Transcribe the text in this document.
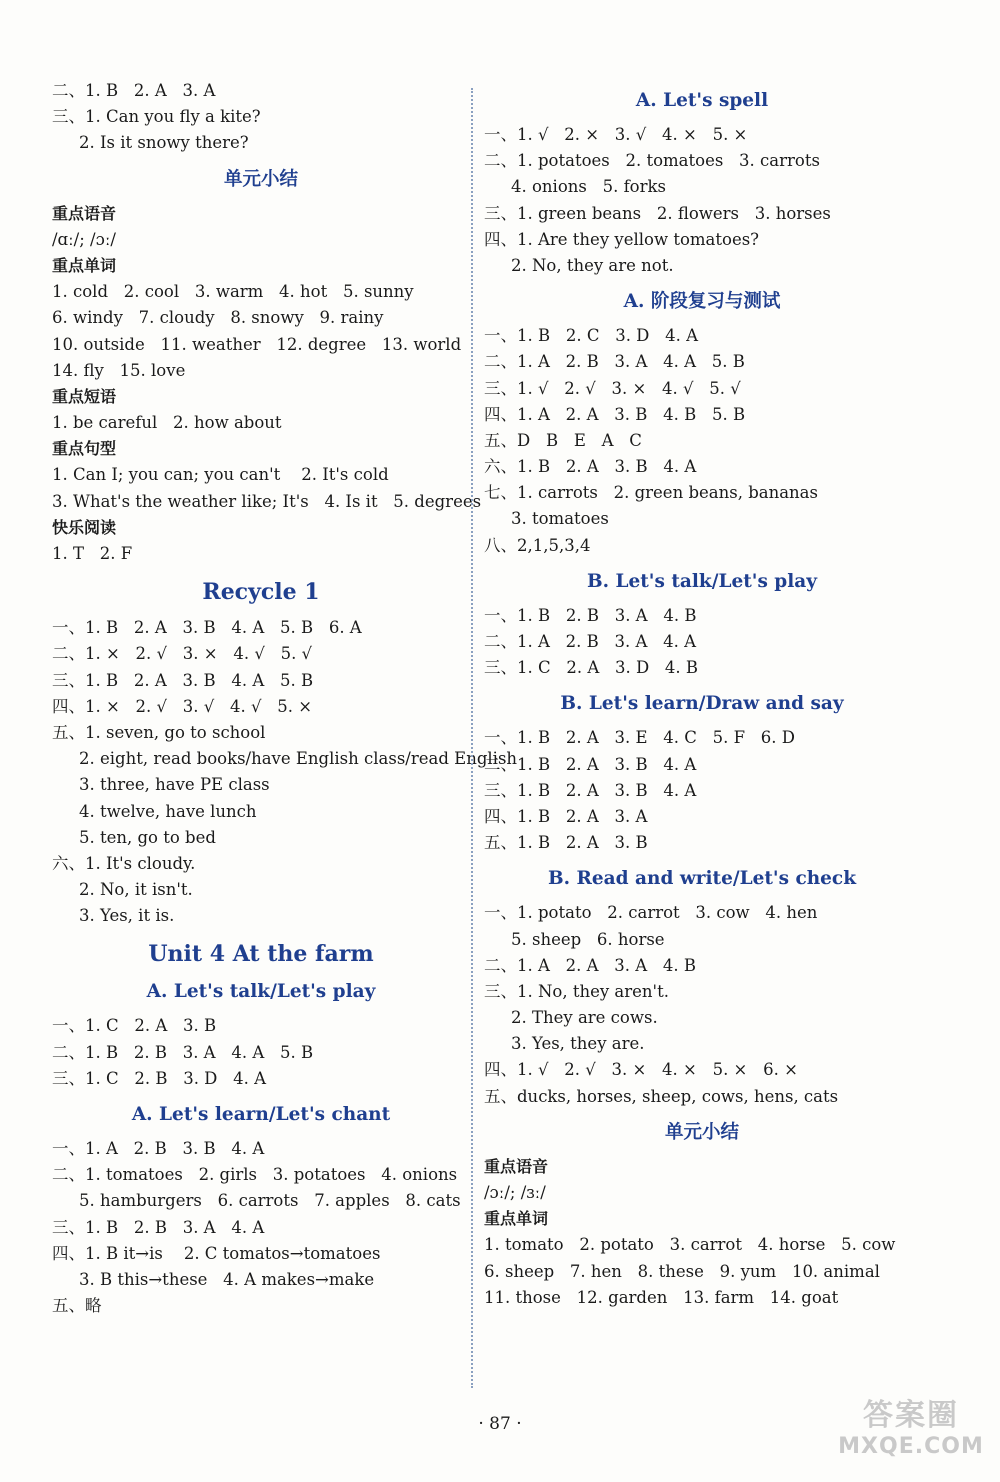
二、1. B   2. A   3. A
三、1. Can you fly a kite?
2. Is it snowy there?
单元小结
重点语音
/ɑː/; /ɔː/
重点单词
1. cold   2. cool   3. warm   4. hot   5. sunny
6. windy   7. cloudy   8. snowy   9. rainy
10. outside   11. weather   12. degree   13. world
14. fly   15. love
重点短语
1. be careful   2. how about
重点句型
1. Can I; you can; you can't    2. It's cold
3. What's the weather like; It's   4. Is it   5. degrees
快乐阅读
1. T   2. F
Recycle 1
一、1. B   2. A   3. B   4. A   5. B   6. A
二、1. ×   2. √   3. ×   4. √   5. √
三、1. B   2. A   3. B   4. A   5. B
四、1. ×   2. √   3. √   4. √   5. ×
五、1. seven, go to school
2. eight, read books/have English class/read English
3. three, have PE class
4. twelve, have lunch
5. ten, go to bed
六、1. It's cloudy.
2. No, it isn't.
3. Yes, it is.
Unit 4 At the farm
A. Let's talk/Let's play
一、1. C   2. A   3. B
二、1. B   2. B   3. A   4. A   5. B
三、1. C   2. B   3. D   4. A
A. Let's learn/Let's chant
一、1. A   2. B   3. B   4. A
二、1. tomatoes   2. girls   3. potatoes   4. onions
5. hamburgers   6. carrots   7. apples   8. cats
三、1. B   2. B   3. A   4. A
四、1. B it→is    2. C tomatos→tomatoes
3. B this→these   4. A makes→make
五、略
A. Let's spell
一、1. √   2. ×   3. √   4. ×   5. ×
二、1. potatoes   2. tomatoes   3. carrots
4. onions   5. forks
三、1. green beans   2. flowers   3. horses
四、1. Are they yellow tomatoes?
2. No, they are not.
A. 阶段复习与测试
一、1. B   2. C   3. D   4. A
二、1. A   2. B   3. A   4. A   5. B
三、1. √   2. √   3. ×   4. √   5. √
四、1. A   2. A   3. B   4. B   5. B
五、D   B   E   A   C
六、1. B   2. A   3. B   4. A
七、1. carrots   2. green beans, bananas
3. tomatoes
八、2,1,5,3,4
B. Let's talk/Let's play
一、1. B   2. B   3. A   4. B
二、1. A   2. B   3. A   4. A
三、1. C   2. A   3. D   4. B
B. Let's learn/Draw and say
一、1. B   2. A   3. E   4. C   5. F   6. D
二、1. B   2. A   3. B   4. A
三、1. B   2. A   3. B   4. A
四、1. B   2. A   3. A
五、1. B   2. A   3. B
B. Read and write/Let's check
一、1. potato   2. carrot   3. cow   4. hen
5. sheep   6. horse
二、1. A   2. A   3. A   4. B
三、1. No, they aren't.
2. They are cows.
3. Yes, they are.
四、1. √   2. √   3. ×   4. ×   5. ×   6. ×
五、ducks, horses, sheep, cows, hens, cats
单元小结
重点语音
/ɔː/; /ɜː/
重点单词
1. tomato   2. potato   3. carrot   4. horse   5. cow
6. sheep   7. hen   8. these   9. yum   10. animal
11. those   12. garden   13. farm   14. goat
· 87 ·	答案圈
MXQE.COM
